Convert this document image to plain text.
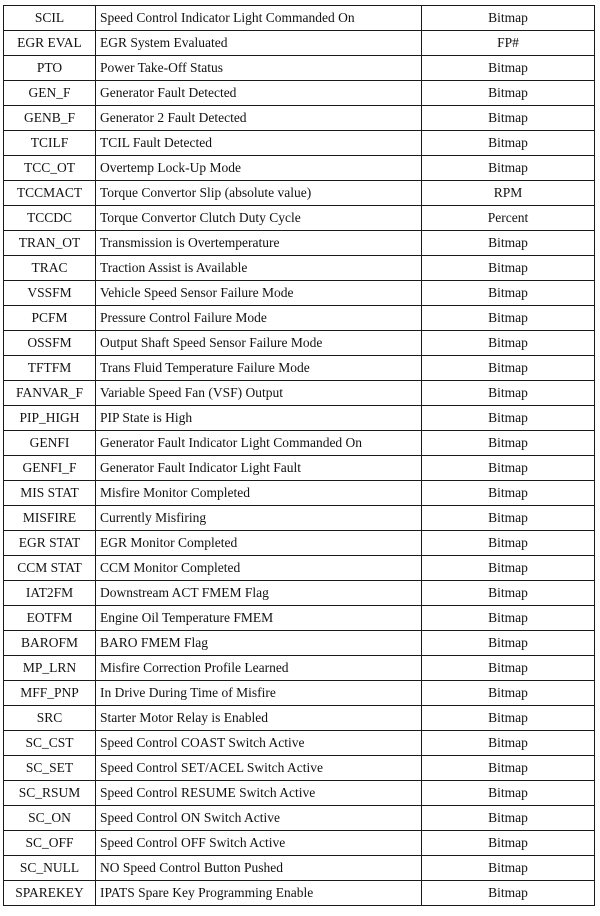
SCIL	Speed Control Indicator Light Commanded On	Bitmap
EGR EVAL	EGR System Evaluated	FP#
PTO	Power Take-Off Status	Bitmap
GEN_F	Generator Fault Detected	Bitmap
GENB_F	Generator 2 Fault Detected	Bitmap
TCILF	TCIL Fault Detected	Bitmap
TCC_OT	Overtemp Lock-Up Mode	Bitmap
TCCMACT	Torque Convertor Slip (absolute value)	RPM
TCCDC	Torque Convertor Clutch Duty Cycle	Percent
TRAN_OT	Transmission is Overtemperature	Bitmap
TRAC	Traction Assist is Available	Bitmap
VSSFM	Vehicle Speed Sensor Failure Mode	Bitmap
PCFM	Pressure Control Failure Mode	Bitmap
OSSFM	Output Shaft Speed Sensor Failure Mode	Bitmap
TFTFM	Trans Fluid Temperature Failure Mode	Bitmap
FANVAR_F	Variable Speed Fan (VSF) Output	Bitmap
PIP_HIGH	PIP State is High	Bitmap
GENFI	Generator Fault Indicator Light Commanded On	Bitmap
GENFI_F	Generator Fault Indicator Light Fault	Bitmap
MIS STAT	Misfire Monitor Completed	Bitmap
MISFIRE	Currently Misfiring	Bitmap
EGR STAT	EGR Monitor Completed	Bitmap
CCM STAT	CCM Monitor Completed	Bitmap
IAT2FM	Downstream ACT FMEM Flag	Bitmap
EOTFM	Engine Oil Temperature FMEM	Bitmap
BAROFM	BARO FMEM Flag	Bitmap
MP_LRN	Misfire Correction Profile Learned	Bitmap
MFF_PNP	In Drive During Time of Misfire	Bitmap
SRC	Starter Motor Relay is Enabled	Bitmap
SC_CST	Speed Control COAST Switch Active	Bitmap
SC_SET	Speed Control SET/ACEL Switch Active	Bitmap
SC_RSUM	Speed Control RESUME Switch Active	Bitmap
SC_ON	Speed Control ON Switch Active	Bitmap
SC_OFF	Speed Control OFF Switch Active	Bitmap
SC_NULL	NO Speed Control Button Pushed	Bitmap
SPAREKEY	IPATS Spare Key Programming Enable	Bitmap
